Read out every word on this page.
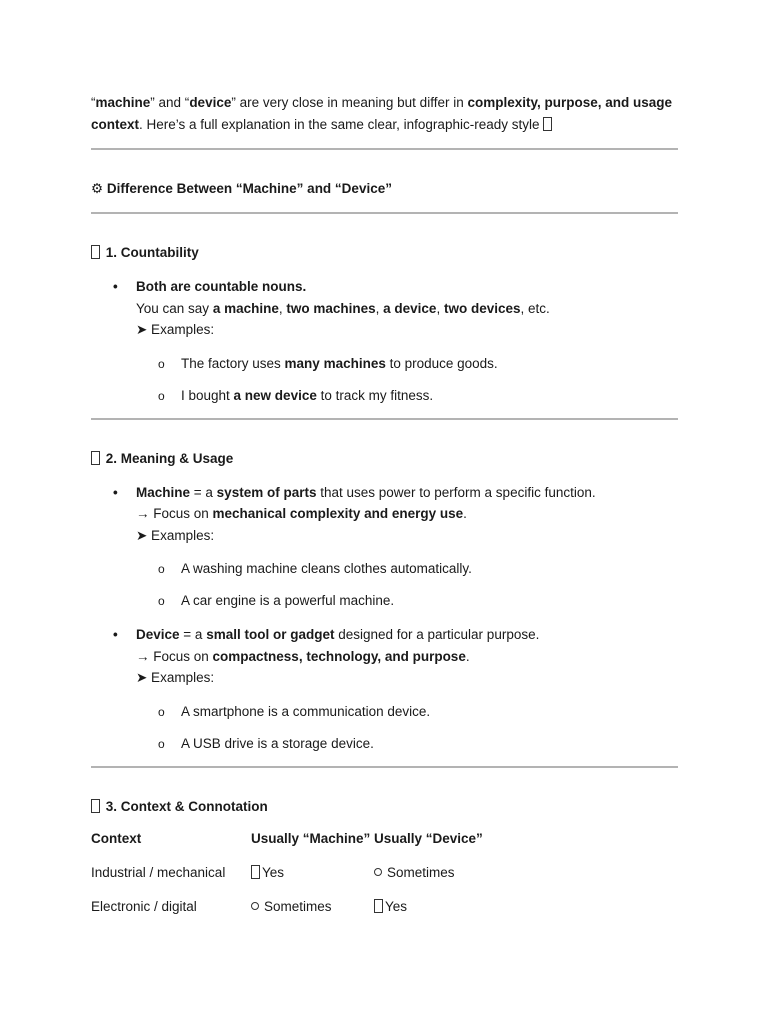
“machine” and “device” are very close in meaning but differ in complexity, purpose, and usage context. Here’s a full explanation in the same clear, infographic-ready style

⚙ Difference Between “Machine” and “Device”

1. Countability

• Both are countable nouns.
You can say a machine, two machines, a device, two devices, etc.
➤ Examples:
o The factory uses many machines to produce goods.
o I bought a new device to track my fitness.

2. Meaning & Usage

• Machine = a system of parts that uses power to perform a specific function.
→ Focus on mechanical complexity and energy use.
➤ Examples:
o A washing machine cleans clothes automatically.
o A car engine is a powerful machine.
• Device = a small tool or gadget designed for a particular purpose.
→ Focus on compactness, technology, and purpose.
➤ Examples:
o A smartphone is a communication device.
o A USB drive is a storage device.

3. Context & Connotation

Context	Usually “Machine”	Usually “Device”
Industrial / mechanical	Yes	Sometimes
Electronic / digital	Sometimes	Yes
